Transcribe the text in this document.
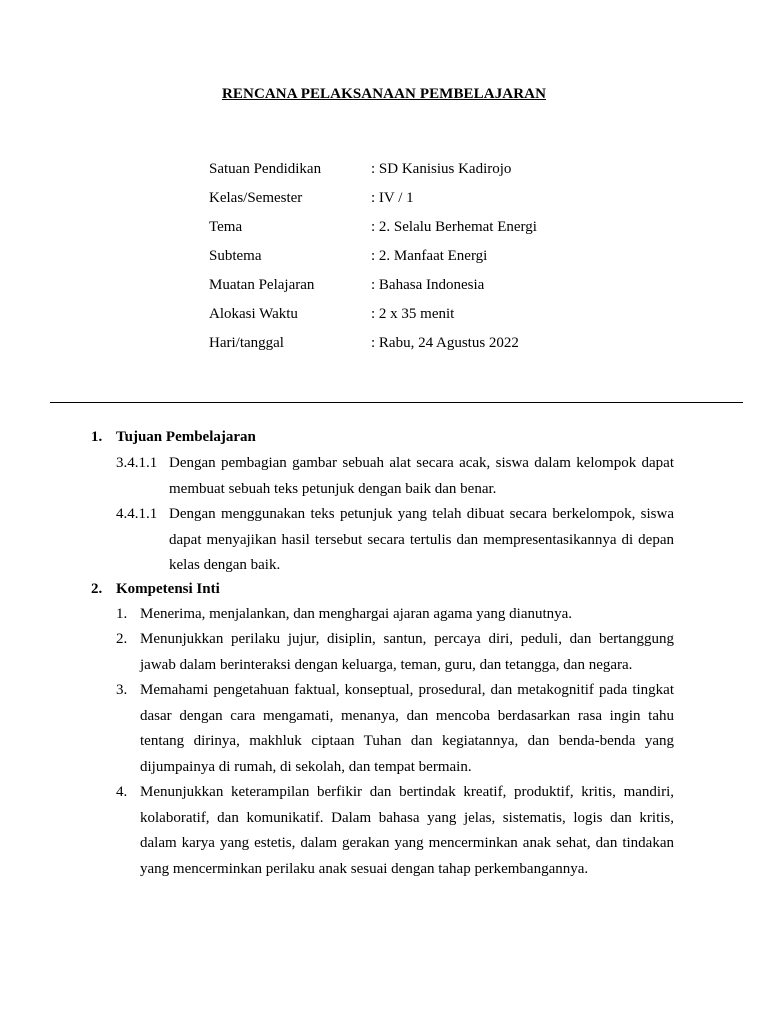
RENCANA PELAKSANAAN PEMBELAJARAN
Satuan Pendidikan	: SD Kanisius Kadirojo
Kelas/Semester	: IV / 1
Tema	: 2. Selalu Berhemat Energi
Subtema	: 2. Manfaat Energi
Muatan Pelajaran	: Bahasa Indonesia
Alokasi Waktu	: 2 x 35 menit
Hari/tanggal	: Rabu, 24 Agustus 2022
1. Tujuan Pembelajaran
3.4.1.1 Dengan pembagian gambar sebuah alat secara acak, siswa dalam kelompok dapat membuat sebuah teks petunjuk dengan baik dan benar.
4.4.1.1 Dengan menggunakan teks petunjuk yang telah dibuat secara berkelompok, siswa dapat menyajikan hasil tersebut secara tertulis dan mempresentasikannya di depan kelas dengan baik.
2. Kompetensi Inti
1. Menerima, menjalankan, dan menghargai ajaran agama yang dianutnya.
2. Menunjukkan perilaku jujur, disiplin, santun, percaya diri, peduli, dan bertanggung jawab dalam berinteraksi dengan keluarga, teman, guru, dan tetangga, dan negara.
3. Memahami pengetahuan faktual, konseptual, prosedural, dan metakognitif pada tingkat dasar dengan cara mengamati, menanya, dan mencoba berdasarkan rasa ingin tahu tentang dirinya, makhluk ciptaan Tuhan dan kegiatannya, dan benda-benda yang dijumpainya di rumah, di sekolah, dan tempat bermain.
4. Menunjukkan keterampilan berfikir dan bertindak kreatif, produktif, kritis, mandiri, kolaboratif, dan komunikatif. Dalam bahasa yang jelas, sistematis, logis dan kritis, dalam karya yang estetis, dalam gerakan yang mencerminkan anak sehat, dan tindakan yang mencerminkan perilaku anak sesuai dengan tahap perkembangannya.
